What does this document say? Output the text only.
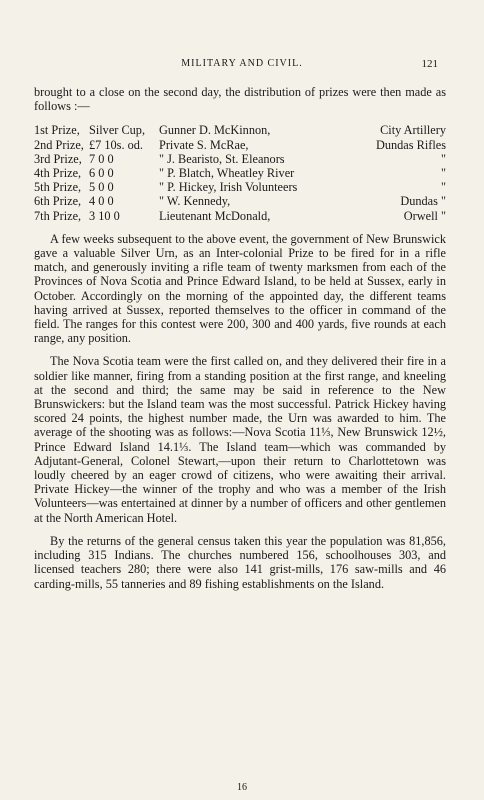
MILITARY AND CIVIL.	121

brought to a close on the second day, the distribution of prizes were then made as follows :—

1st Prize,	Silver Cup,	Gunner D. McKinnon,	City Artillery
2nd Prize,	£7 10s. od.	Private S. McRae,	Dundas Rifles
3rd Prize,	7 0 0	" J. Bearisto, St. Eleanors	"
4th Prize,	6 0 0	" P. Blatch, Wheatley River	"
5th Prize,	5 0 0	" P. Hickey, Irish Volunteers	"
6th Prize,	4 0 0	" W. Kennedy,	Dundas "
7th Prize,	3 10 0	Lieutenant McDonald,	Orwell "

A few weeks subsequent to the above event, the government of New Brunswick gave a valuable Silver Urn, as an Inter-colonial Prize to be fired for in a rifle match, and generously inviting a rifle team of twenty marksmen from each of the Provinces of Nova Scotia and Prince Edward Island, to be held at Sussex, early in October. Accordingly on the morning of the appointed day, the different teams having arrived at Sussex, reported themselves to the officer in command of the field. The ranges for this contest were 200, 300 and 400 yards, five rounds at each range, any position.

The Nova Scotia team were the first called on, and they delivered their fire in a soldier like manner, firing from a standing position at the first range, and kneeling at the second and third; the same may be said in reference to the New Brunswickers: but the Island team was the most successful. Patrick Hickey having scored 24 points, the highest number made, the Urn was awarded to him. The average of the shooting was as follows:—Nova Scotia 11⅓, New Brunswick 12½, Prince Edward Island 14.1⅓. The Island team—which was commanded by Adjutant-General, Colonel Stewart,—upon their return to Charlottetown was loudly cheered by an eager crowd of citizens, who were awaiting their arrival. Private Hickey—the winner of the trophy and who was a member of the Irish Volunteers—was entertained at dinner by a number of officers and other gentlemen at the North American Hotel.

By the returns of the general census taken this year the population was 81,856, including 315 Indians. The churches numbered 156, schoolhouses 303, and licensed teachers 280; there were also 141 grist-mills, 176 saw-mills and 46 carding-mills, 55 tanneries and 89 fishing establishments on the Island.

16
